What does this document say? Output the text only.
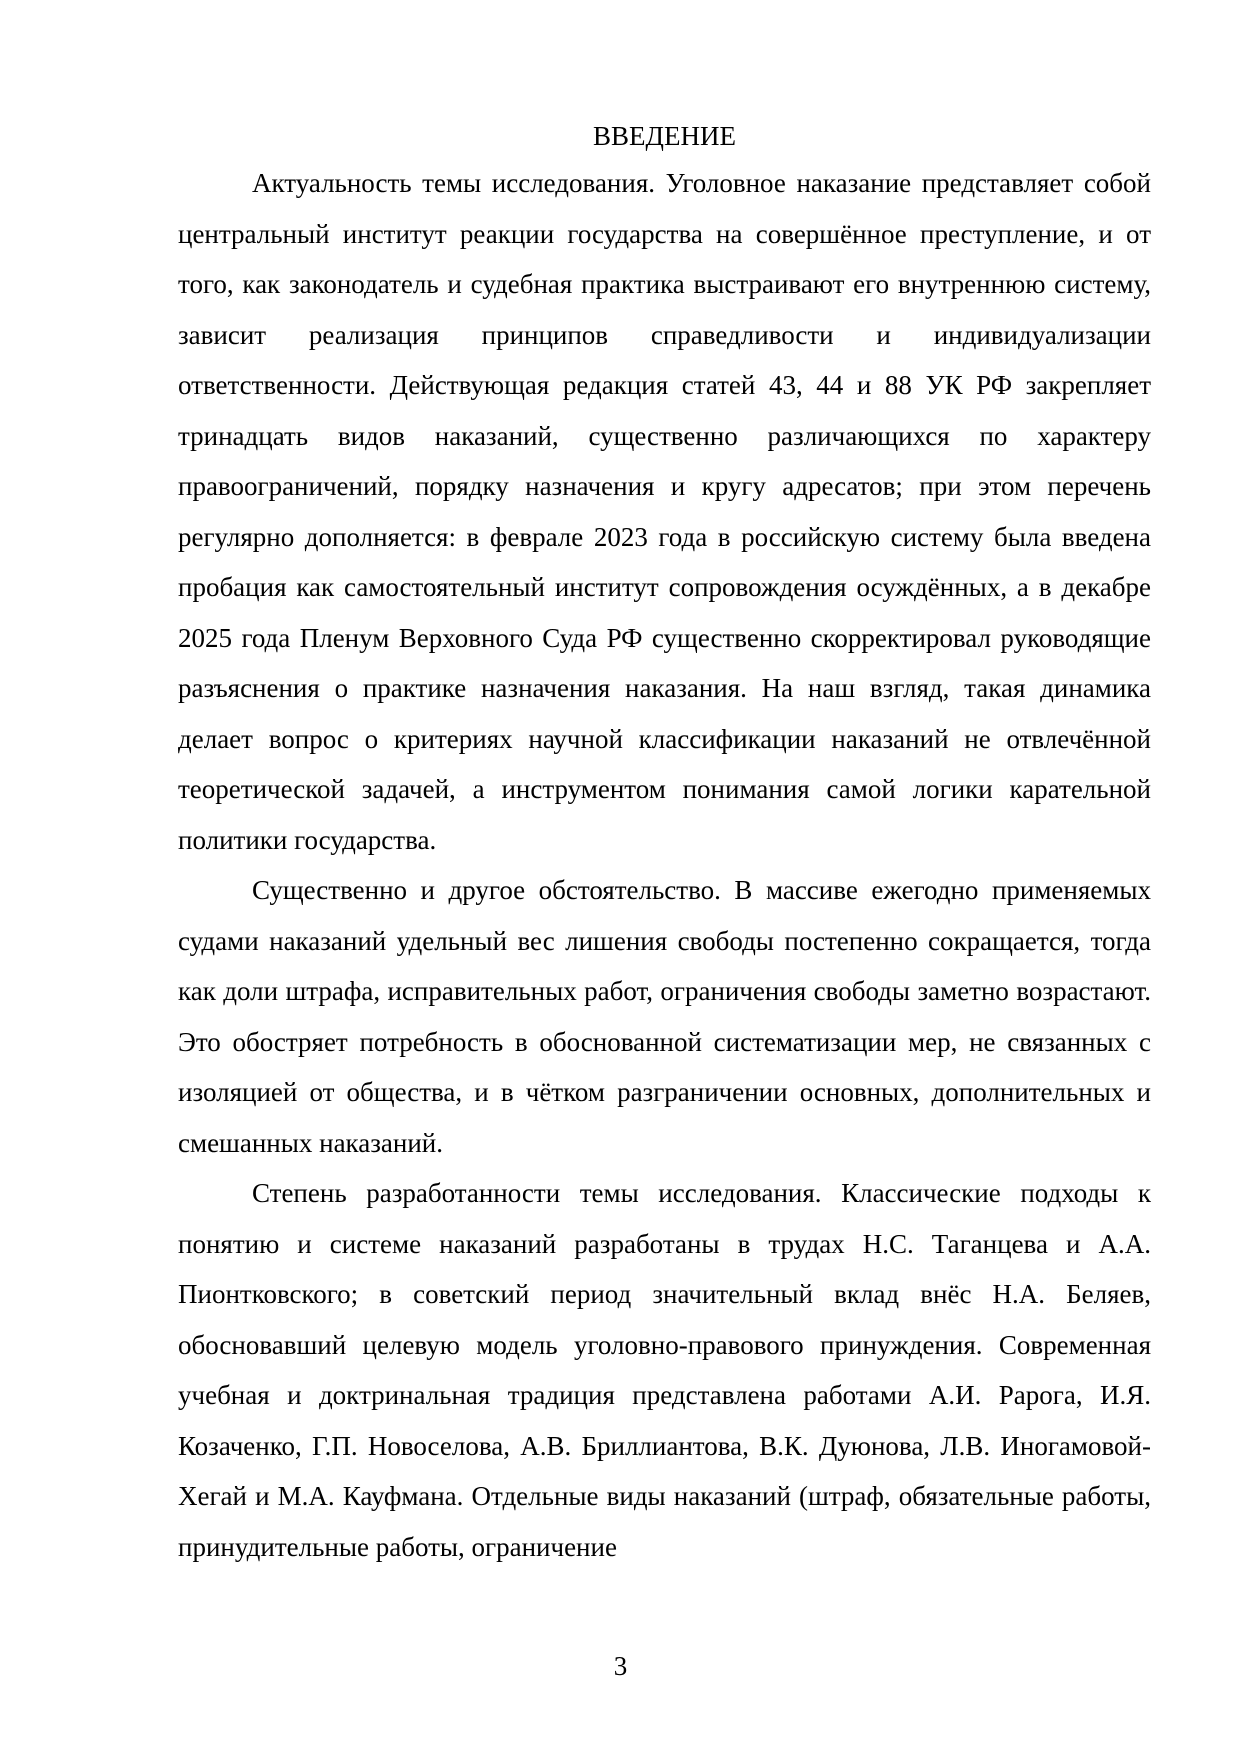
ВВЕДЕНИЕ

Актуальность темы исследования. Уголовное наказание представляет собой центральный институт реакции государства на совершённое преступление, и от того, как законодатель и судебная практика выстраивают его внутреннюю систему, зависит реализация принципов справедливости и индивидуализации ответственности. Действующая редакция статей 43, 44 и 88 УК РФ закрепляет тринадцать видов наказаний, существенно различающихся по характеру правоограничений, порядку назначения и кругу адресатов; при этом перечень регулярно дополняется: в феврале 2023 года в российскую систему была введена пробация как самостоятельный институт сопровождения осуждённых, а в декабре 2025 года Пленум Верховного Суда РФ существенно скорректировал руководящие разъяснения о практике назначения наказания. На наш взгляд, такая динамика делает вопрос о критериях научной классификации наказаний не отвлечённой теоретической задачей, а инструментом понимания самой логики карательной политики государства.

Существенно и другое обстоятельство. В массиве ежегодно применяемых судами наказаний удельный вес лишения свободы постепенно сокращается, тогда как доли штрафа, исправительных работ, ограничения свободы заметно возрастают. Это обостряет потребность в обоснованной систематизации мер, не связанных с изоляцией от общества, и в чётком разграничении основных, дополнительных и смешанных наказаний.

Степень разработанности темы исследования. Классические подходы к понятию и системе наказаний разработаны в трудах Н.С. Таганцева и А.А. Пионтковского; в советский период значительный вклад внёс Н.А. Беляев, обосновавший целевую модель уголовно-правового принуждения. Современная учебная и доктринальная традиция представлена работами А.И. Рарога, И.Я. Козаченко, Г.П. Новоселова, А.В. Бриллиантова, В.К. Дуюнова, Л.В. Иногамовой-Хегай и М.А. Кауфмана. Отдельные виды наказаний (штраф, обязательные работы, принудительные работы, ограничение

3
